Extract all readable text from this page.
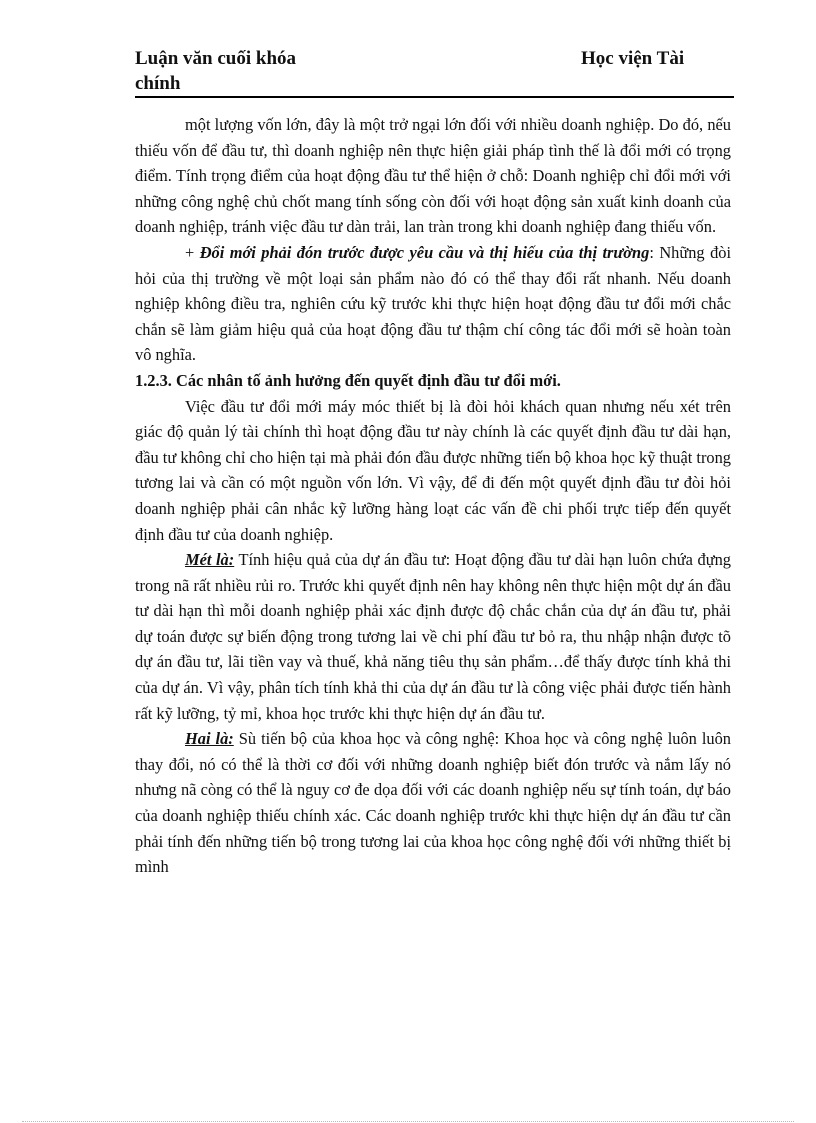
Luận văn cuối khóa
chính
Học viện Tài

một lượng vốn lớn, đây là một trở ngại lớn đối với nhiều doanh nghiệp. Do đó, nếu thiếu vốn để đầu tư, thì doanh nghiệp nên thực hiện giải pháp tình thế là đổi mới có trọng điểm. Tính trọng điểm của hoạt động đầu tư thể hiện ở chỗ: Doanh nghiệp chỉ đổi mới với những công nghệ chủ chốt mang tính sống còn đối với hoạt động sản xuất kinh doanh của doanh nghiệp, tránh việc đầu tư dàn trải, lan tràn trong khi doanh nghiệp đang thiếu vốn.

+ Đổi mới phải đón trước được yêu cầu và thị hiếu của thị trường: Những đòi hỏi của thị trường về một loại sản phẩm nào đó có thể thay đổi rất nhanh. Nếu doanh nghiệp không điều tra, nghiên cứu kỹ trước khi thực hiện hoạt động đầu tư đổi mới chắc chắn sẽ làm giảm hiệu quả của hoạt động đầu tư thậm chí công tác đổi mới sẽ hoàn toàn vô nghĩa.

1.2.3. Các nhân tố ảnh hưởng đến quyết định đầu tư đổi mới.

Việc đầu tư đổi mới máy móc thiết bị là đòi hỏi khách quan nhưng nếu xét trên giác độ quản lý tài chính thì hoạt động đầu tư này chính là các quyết định đầu tư dài hạn, đầu tư không chỉ cho hiện tại mà phải đón đầu được những tiến bộ khoa học kỹ thuật trong tương lai và cần có một nguồn vốn lớn. Vì vậy, để đi đến một quyết định đầu tư đòi hỏi doanh nghiệp phải cân nhắc kỹ lưỡng hàng loạt các vấn đề chi phối trực tiếp đến quyết định đầu tư của doanh nghiệp.

Mét là: Tính hiệu quả của dự án đầu tư: Hoạt động đầu tư dài hạn luôn chứa đựng trong nã rất nhiều rủi ro. Trước khi quyết định nên hay không nên thực hiện một dự án đầu tư dài hạn thì mỗi doanh nghiệp phải xác định được độ chắc chắn của dự án đầu tư, phải dự toán được sự biến động trong tương lai về chi phí đầu tư bỏ ra, thu nhập nhận được tõ dự án đầu tư, lãi tiền vay và thuế, khả năng tiêu thụ sản phẩm…để thấy được tính khả thi của dự án. Vì vậy, phân tích tính khả thi của dự án đầu tư là công việc phải được tiến hành rất kỹ lưỡng, tỷ mỉ, khoa học trước khi thực hiện dự án đầu tư.

Hai là: Sù tiến bộ của khoa học và công nghệ: Khoa học và công nghệ luôn luôn thay đổi, nó có thể là thời cơ đối với những doanh nghiệp biết đón trước và nắm lấy nó nhưng nã còng có thể là nguy cơ đe dọa đối với các doanh nghiệp nếu sự tính toán, dự báo của doanh nghiệp thiếu chính xác. Các doanh nghiệp trước khi thực hiện dự án đầu tư cần phải tính đến những tiến bộ trong tương lai của khoa học công nghệ đối với những thiết bị mình
